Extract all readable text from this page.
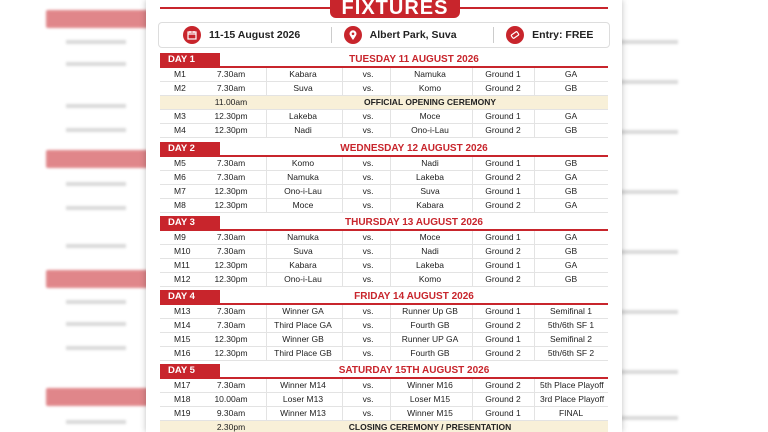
FIXTURES
11-15 August 2026	Albert Park, Suva	Entry: FREE
DAY 1	TUESDAY 11 AUGUST 2026
M1	7.30am	Kabara	vs.	Namuka	Ground 1	GA
M2	7.30am	Suva	vs.	Komo	Ground 2	GB
11.00am	OFFICIAL OPENING CEREMONY
M3	12.30pm	Lakeba	vs.	Moce	Ground 1	GA
M4	12.30pm	Nadi	vs.	Ono-i-Lau	Ground 2	GB
DAY 2	WEDNESDAY 12 AUGUST 2026
M5	7.30am	Komo	vs.	Nadi	Ground 1	GB
M6	7.30am	Namuka	vs.	Lakeba	Ground 2	GA
M7	12.30pm	Ono-i-Lau	vs.	Suva	Ground 1	GB
M8	12.30pm	Moce	vs.	Kabara	Ground 2	GA
DAY 3	THURSDAY 13 AUGUST 2026
M9	7.30am	Namuka	vs.	Moce	Ground 1	GA
M10	7.30am	Suva	vs.	Nadi	Ground 2	GB
M11	12.30pm	Kabara	vs.	Lakeba	Ground 1	GA
M12	12.30pm	Ono-i-Lau	vs.	Komo	Ground 2	GB
DAY 4	FRIDAY 14 AUGUST 2026
M13	7.30am	Winner GA	vs.	Runner Up GB	Ground 1	Semifinal 1
M14	7.30am	Third Place GA	vs.	Fourth GB	Ground 2	5th/6th SF 1
M15	12.30pm	Winner GB	vs.	Runner UP GA	Ground 1	Semifinal 2
M16	12.30pm	Third Place GB	vs.	Fourth GB	Ground 2	5th/6th SF 2
DAY 5	SATURDAY 15TH AUGUST 2026
M17	7.30am	Winner M14	vs.	Winner M16	Ground 2	5th Place Playoff
M18	10.00am	Loser M13	vs.	Loser M15	Ground 2	3rd Place Playoff
M19	9.30am	Winner M13	vs.	Winner M15	Ground 1	FINAL
2.30pm	CLOSING CEREMONY / PRESENTATION
